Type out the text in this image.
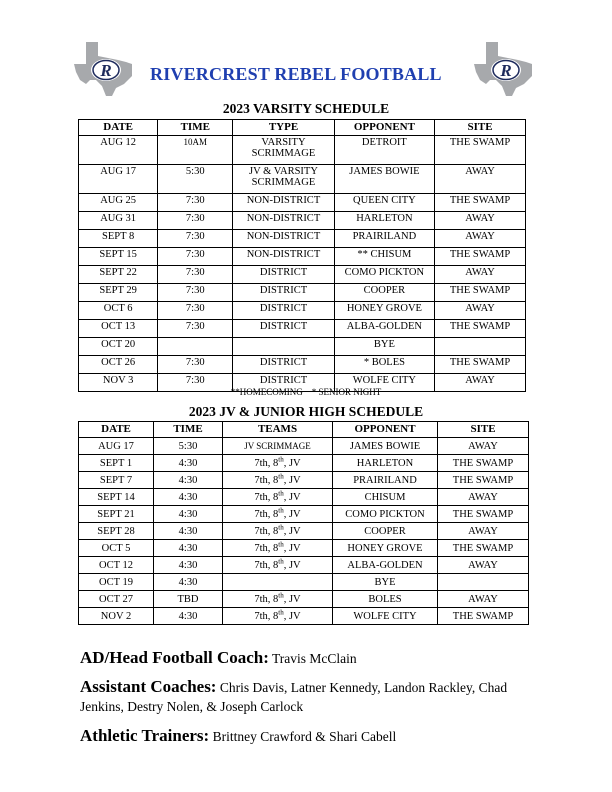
R RIVERCREST REBEL FOOTBALL	R
2023 VARSITY SCHEDULE
DATE	TIME	TYPE	OPPONENT	SITE
AUG 12	10AM	VARSITY SCRIMMAGE	DETROIT	THE SWAMP
AUG 17	5:30	JV & VARSITY SCRIMMAGE	JAMES BOWIE	AWAY
AUG 25	7:30	NON-DISTRICT	QUEEN CITY	THE SWAMP
AUG 31	7:30	NON-DISTRICT	HARLETON	AWAY
SEPT 8	7:30	NON-DISTRICT	PRAIRILAND	AWAY
SEPT 15	7:30	NON-DISTRICT	** CHISUM	THE SWAMP
SEPT 22	7:30	DISTRICT	COMO PICKTON	AWAY
SEPT 29	7:30	DISTRICT	COOPER	THE SWAMP
OCT 6	7:30	DISTRICT	HONEY GROVE	AWAY
OCT 13	7:30	DISTRICT	ALBA-GOLDEN	THE SWAMP
OCT 20			BYE	
OCT 26	7:30	DISTRICT	* BOLES	THE SWAMP
NOV 3	7:30	DISTRICT	WOLFE CITY	AWAY
**HOMECOMING    * SENIOR NIGHT
2023 JV & JUNIOR HIGH SCHEDULE
DATE	TIME	TEAMS	OPPONENT	SITE
AUG 17	5:30	JV SCRIMMAGE	JAMES BOWIE	AWAY
SEPT 1	4:30	7th, 8th, JV	HARLETON	THE SWAMP
SEPT 7	4:30	7th, 8th, JV	PRAIRILAND	THE SWAMP
SEPT 14	4:30	7th, 8th, JV	CHISUM	AWAY
SEPT 21	4:30	7th, 8th, JV	COMO PICKTON	THE SWAMP
SEPT 28	4:30	7th, 8th, JV	COOPER	AWAY
OCT 5	4:30	7th, 8th, JV	HONEY GROVE	THE SWAMP
OCT 12	4:30	7th, 8th, JV	ALBA-GOLDEN	AWAY
OCT 19	4:30		BYE	
OCT 27	TBD	7th, 8th, JV	BOLES	AWAY
NOV 2	4:30	7th, 8th, JV	WOLFE CITY	THE SWAMP
AD/Head Football Coach: Travis McClain
Assistant Coaches: Chris Davis, Latner Kennedy, Landon Rackley, Chad Jenkins, Destry Nolen, & Joseph Carlock
Athletic Trainers: Brittney Crawford & Shari Cabell
